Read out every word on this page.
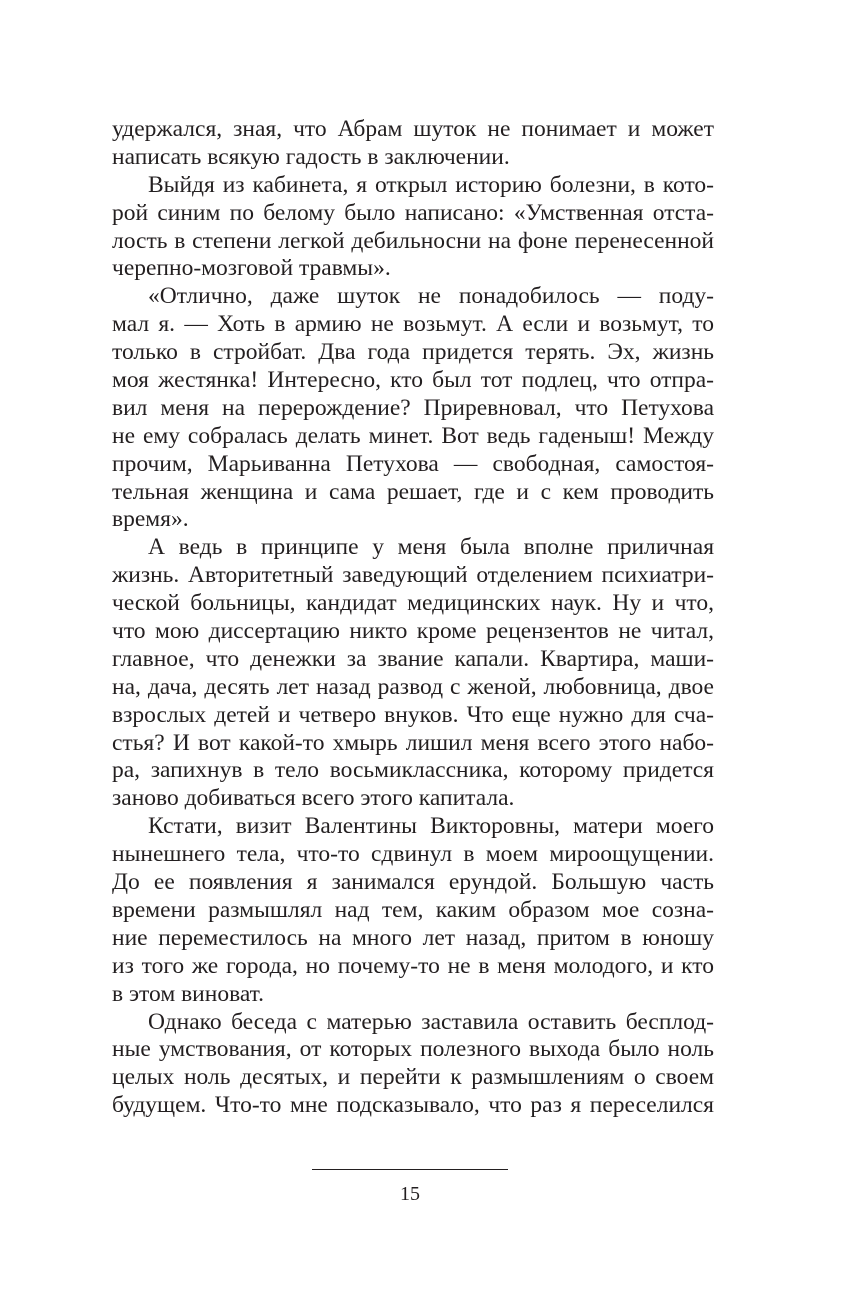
удержался, зная, что Абрам шуток не понимает и может
написать всякую гадость в заключении.
Выйдя из кабинета, я открыл историю болезни, в кото-
рой синим по белому было написано: «Умственная отста-
лость в степени легкой дебильносни на фоне перенесенной
черепно-мозговой травмы».
«Отлично, даже шуток не понадобилось — поду-
мал я. — Хоть в армию не возьмут. А если и возьмут, то
только в стройбат. Два года придется терять. Эх, жизнь
моя жестянка! Интересно, кто был тот подлец, что отпра-
вил меня на перерождение? Приревновал, что Петухова
не ему собралась делать минет. Вот ведь гаденыш! Между
прочим, Марьиванна Петухова — свободная, самостоя-
тельная женщина и сама решает, где и с кем проводить
время».
А ведь в принципе у меня была вполне приличная
жизнь. Авторитетный заведующий отделением психиатри-
ческой больницы, кандидат медицинских наук. Ну и что,
что мою диссертацию никто кроме рецензентов не читал,
главное, что денежки за звание капали. Квартира, маши-
на, дача, десять лет назад развод с женой, любовница, двое
взрослых детей и четверо внуков. Что еще нужно для сча-
стья? И вот какой-то хмырь лишил меня всего этого набо-
ра, запихнув в тело восьмиклассника, которому придется
заново добиваться всего этого капитала.
Кстати, визит Валентины Викторовны, матери моего
нынешнего тела, что-то сдвинул в моем мироощущении.
До ее появления я занимался ерундой. Большую часть
времени размышлял над тем, каким образом мое созна-
ние переместилось на много лет назад, притом в юношу
из того же города, но почему-то не в меня молодого, и кто
в этом виноват.
Однако беседа с матерью заставила оставить бесплод-
ные умствования, от которых полезного выхода было ноль
целых ноль десятых, и перейти к размышлениям о своем
будущем. Что-то мне подсказывало, что раз я переселился
15
